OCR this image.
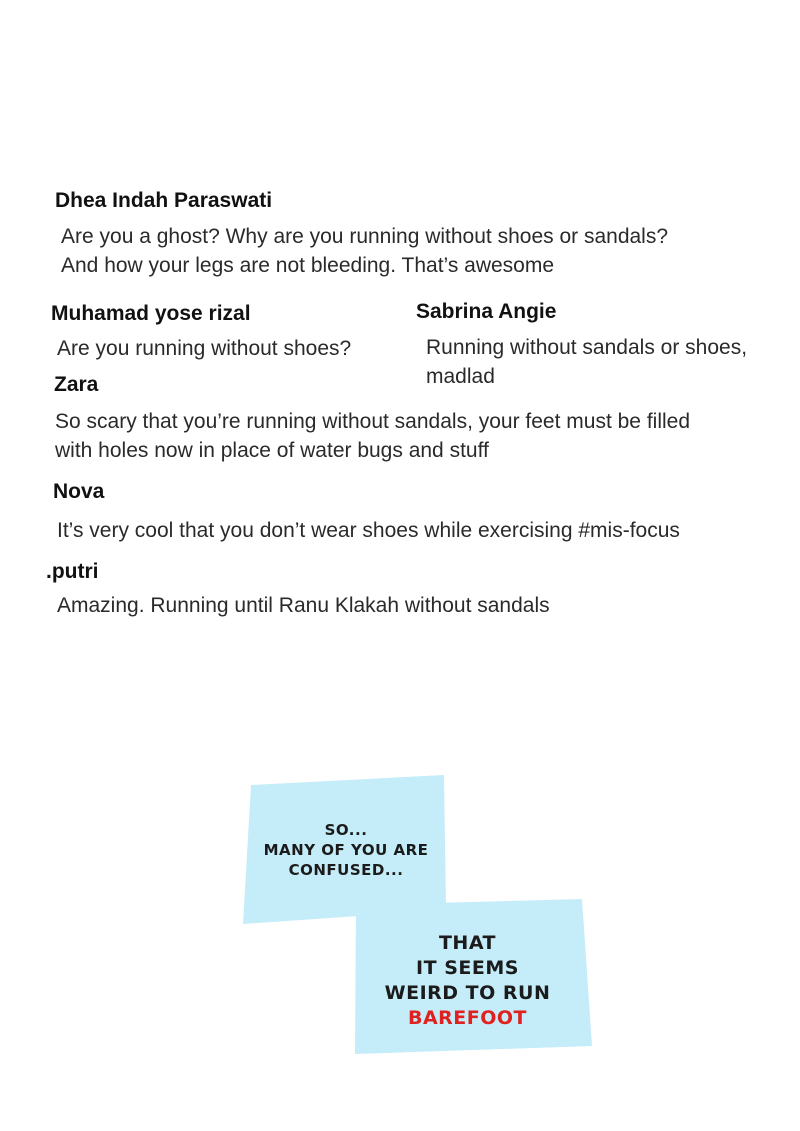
Dhea Indah Paraswati
Are you a ghost? Why are you running without shoes or sandals?
And how your legs are not bleeding. That’s awesome
Muhamad yose rizal
Are you running without shoes?
Sabrina Angie
Running without sandals or shoes,
madlad
Zara
So scary that you’re running without sandals, your feet must be filled
with holes now in place of water bugs and stuff
Nova
It’s very cool that you don’t wear shoes while exercising #mis-focus
.putri
Amazing. Running until Ranu Klakah without sandals
SO...
MANY OF YOU ARE
CONFUSED...
THAT
IT SEEMS
WEIRD TO RUN
BAREFOOT
